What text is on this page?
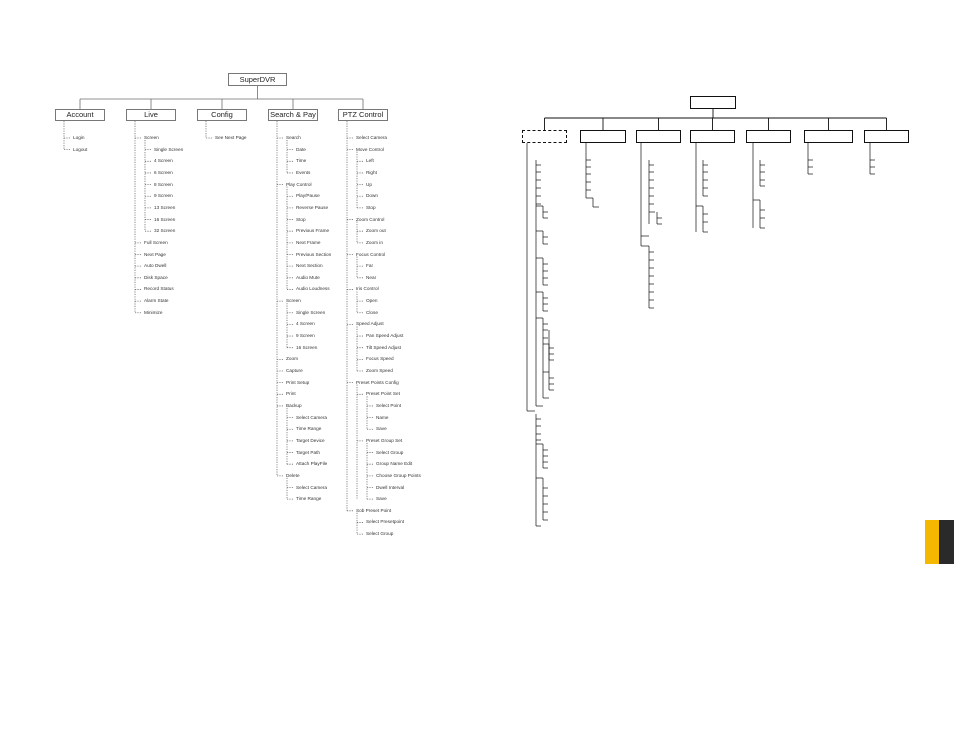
SuperDVR
Account
Login
Logout
Live
Screen
Single Screen
4 Screen
6 Screen
8 Screen
9 Screen
13 Screen
16 Screen
32 Screen
Full Screen
Next Page
Auto Dwell
Disk Space
Record Status
Alarm State
Minimize
Config
See Next Page
Search & Pay
Search
Date
Time
Events
Play Control
Play/Pause
Reverse Pause
Stop
Previous Frame
Next Frame
Previous Section
Next Section
Audio Mute
Audio Loudness
Screen
Single Screen
4 Screen
9 Screen
16 Screen
Zoom
Capture
Print Setup
Print
Backup
Select Camera
Time Range
Target Device
Target Path
Attach PlayFile
Delete
Select Camera
Time Range
PTZ Control
Select Camera
Move Control
Left
Right
Up
Down
Stop
Zoom Control
Zoom out
Zoom in
Focus Control
Far
Near
Iris Control
Open
Close
Speed Adjust
Pan Speed Adjust
Tilt Speed Adjust
Focus Speed
Zoom Speed
Preset Points Config
Preset Point Set
Select Point
Name
Save
Preset Group Set
Select Group
Group Name Edit
Choose Group Points
Dwell Interval
Save
Sob Preset Point
Select Presetpoint
Select Group
